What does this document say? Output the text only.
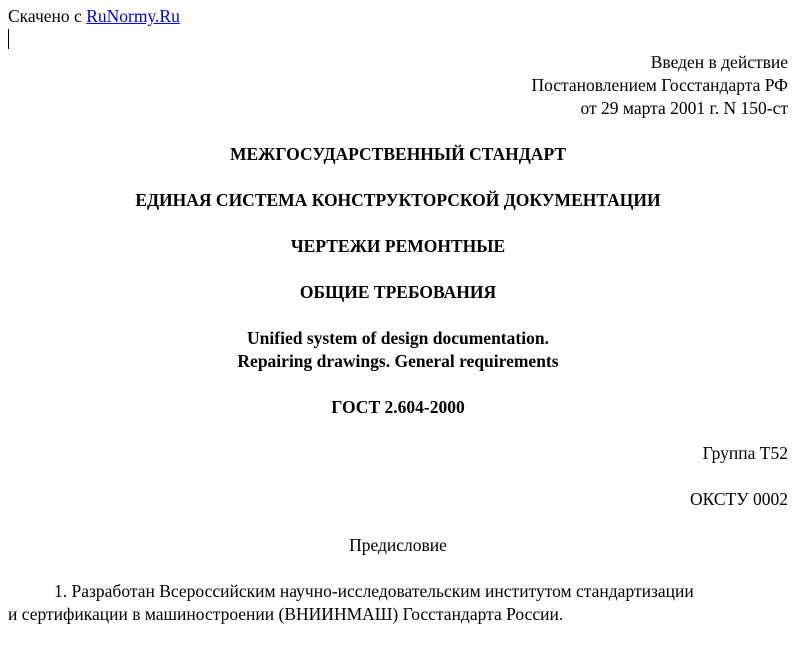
Скачено с RuNormy.Ru
Введен в действие
Постановлением Госстандарта РФ
от 29 марта 2001 г. N 150-ст
МЕЖГОСУДАРСТВЕННЫЙ СТАНДАРТ
ЕДИНАЯ СИСТЕМА КОНСТРУКТОРСКОЙ ДОКУМЕНТАЦИИ
ЧЕРТЕЖИ РЕМОНТНЫЕ
ОБЩИЕ ТРЕБОВАНИЯ
Unified system of design documentation.
Repairing drawings. General requirements
ГОСТ 2.604-2000
Группа Т52
ОКСТУ 0002
Предисловие
1. Разработан Всероссийским научно-исследовательским институтом стандартизации
и сертификации в машиностроении (ВНИИНМАШ) Госстандарта России.
